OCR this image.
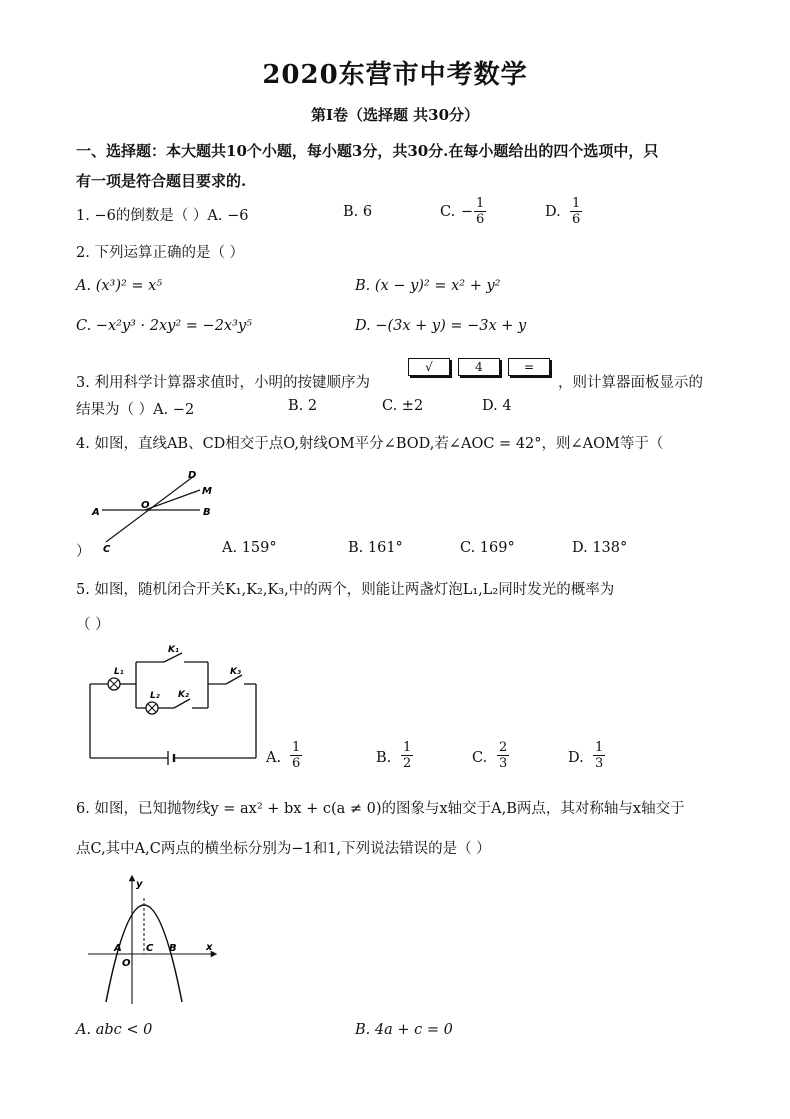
2020东营市中考数学
第Ⅰ卷（选择题 共30分）
一、选择题：本大题共10个小题，每小题3分，共30分.在每小题给出的四个选项中，只
有一项是符合题目要求的.
1. −6的倒数是（ ）A. −6	B. 6	C. − $\frac{1}{6}$	D. $\frac{1}{6}$
2. 下列运算正确的是（ ）
A. (x³)² = x⁵	B. (x − y)² = x² + y²
C. −x²y³ · 2xy² = −2x³y⁵	D. −(3x + y) = −3x + y
3. 利用科学计算器求值时，小明的按键顺序为
√	4	=
，则计算器面板显示的
结果为（ ）A. −2	B. 2	C. ±2	D. 4
4. 如图，直线AB、CD相交于点O,射线OM平分∠BOD,若∠AOC = 42°，则∠AOM等于（
D
M
A
O
B
C
）	A. 159°	B. 161°	C. 169°	D. 138°
5. 如图，随机闭合开关K₁,K₂,K₃,中的两个，则能让两盏灯泡L₁,L₂同时发光的概率为
（ ）
K₁
K₂
K₃
L₁
L₂
A. $\frac{1}{6}$	B. $\frac{1}{2}$	C. $\frac{2}{3}$	D. $\frac{1}{3}$
6. 如图，已知抛物线y = ax² + bx + c(a ≠ 0)的图象与x轴交于A,B两点，其对称轴与x轴交于
点C,其中A,C两点的横坐标分别为−1和1,下列说法错误的是（ ）
y
x
A C B
O
A. abc < 0	B. 4a + c = 0
